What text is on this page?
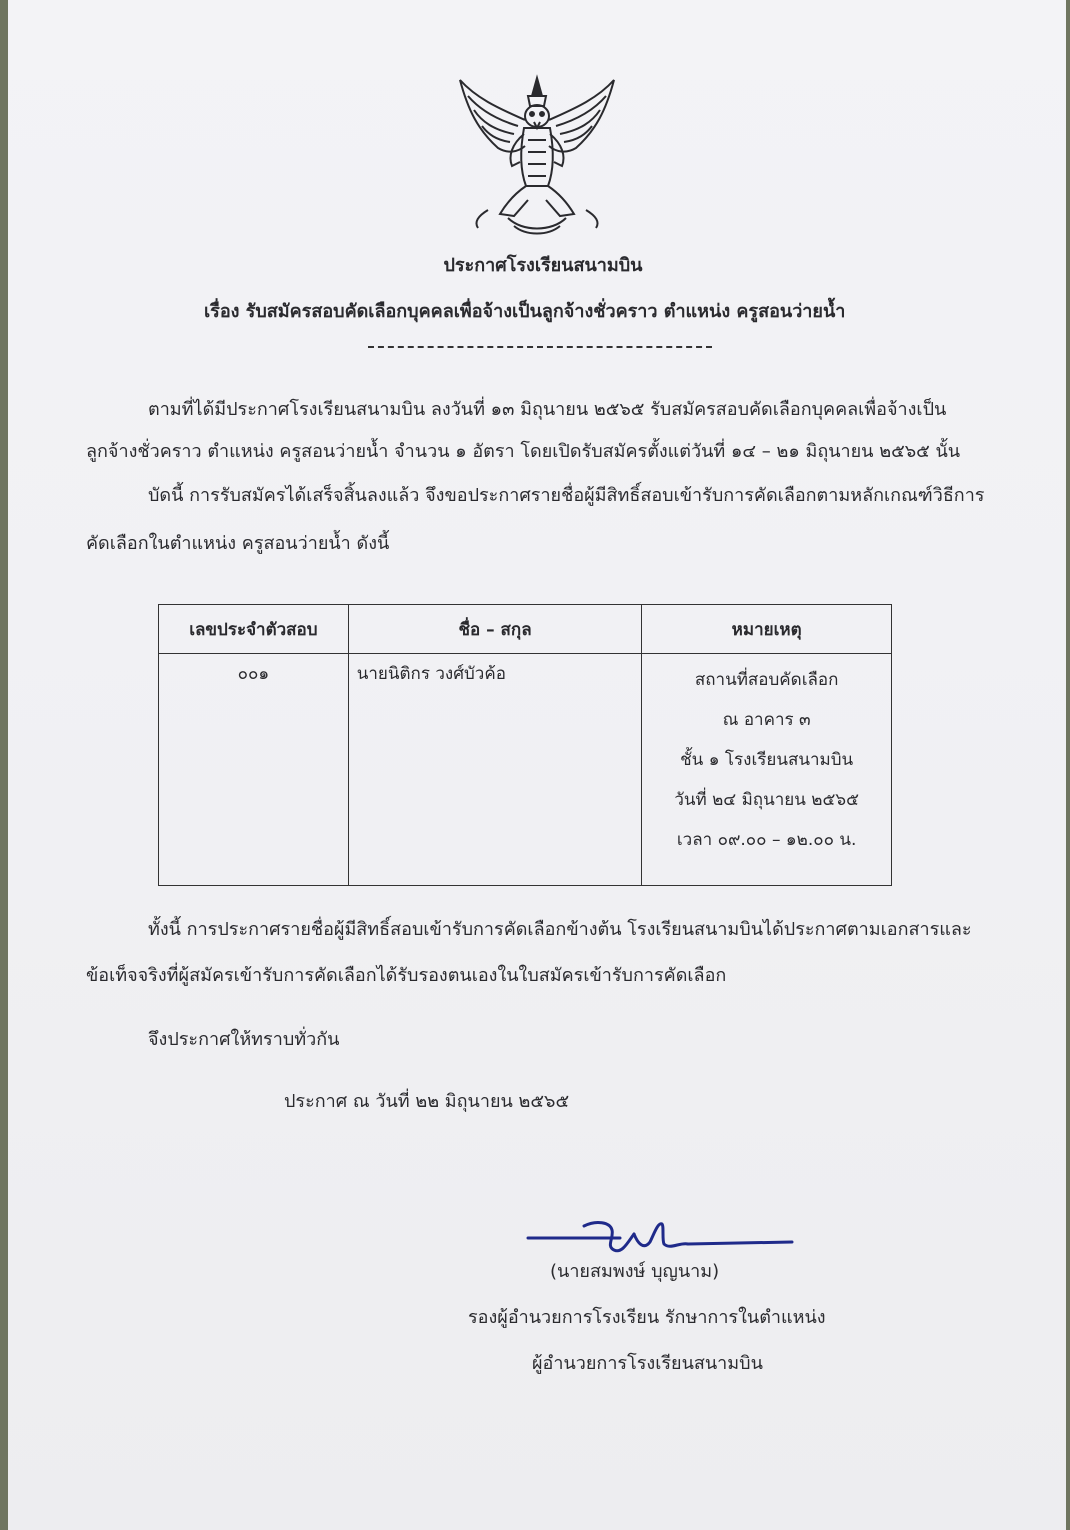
ประกาศโรงเรียนสนามบิน
เรื่อง รับสมัครสอบคัดเลือกบุคคลเพื่อจ้างเป็นลูกจ้างชั่วคราว ตำแหน่ง ครูสอนว่ายน้ำ
ตามที่ได้มีประกาศโรงเรียนสนามบิน ลงวันที่ ๑๓ มิถุนายน ๒๕๖๕ รับสมัครสอบคัดเลือกบุคคลเพื่อจ้างเป็น
ลูกจ้างชั่วคราว ตำแหน่ง ครูสอนว่ายน้ำ จำนวน ๑ อัตรา โดยเปิดรับสมัครตั้งแต่วันที่ ๑๔ – ๒๑ มิถุนายน ๒๕๖๕ นั้น
บัดนี้ การรับสมัครได้เสร็จสิ้นลงแล้ว จึงขอประกาศรายชื่อผู้มีสิทธิ์สอบเข้ารับการคัดเลือกตามหลักเกณฑ์วิธีการ
คัดเลือกในตำแหน่ง ครูสอนว่ายน้ำ ดังนี้
เลขประจำตัวสอบ	ชื่อ – สกุล	หมายเหตุ
๐๐๑	นายนิติกร วงศ์บัวค้อ	สถานที่สอบคัดเลือก
ณ อาคาร ๓
ชั้น ๑ โรงเรียนสนามบิน
วันที่ ๒๔ มิถุนายน ๒๕๖๕
เวลา ๐๙.๐๐ – ๑๒.๐๐ น.
ทั้งนี้ การประกาศรายชื่อผู้มีสิทธิ์สอบเข้ารับการคัดเลือกข้างต้น โรงเรียนสนามบินได้ประกาศตามเอกสารและ
ข้อเท็จจริงที่ผู้สมัครเข้ารับการคัดเลือกได้รับรองตนเองในใบสมัครเข้ารับการคัดเลือก
จึงประกาศให้ทราบทั่วกัน
ประกาศ ณ วันที่ ๒๒ มิถุนายน ๒๕๖๕
(นายสมพงษ์ บุญนาม)
รองผู้อำนวยการโรงเรียน รักษาการในตำแหน่ง
ผู้อำนวยการโรงเรียนสนามบิน
